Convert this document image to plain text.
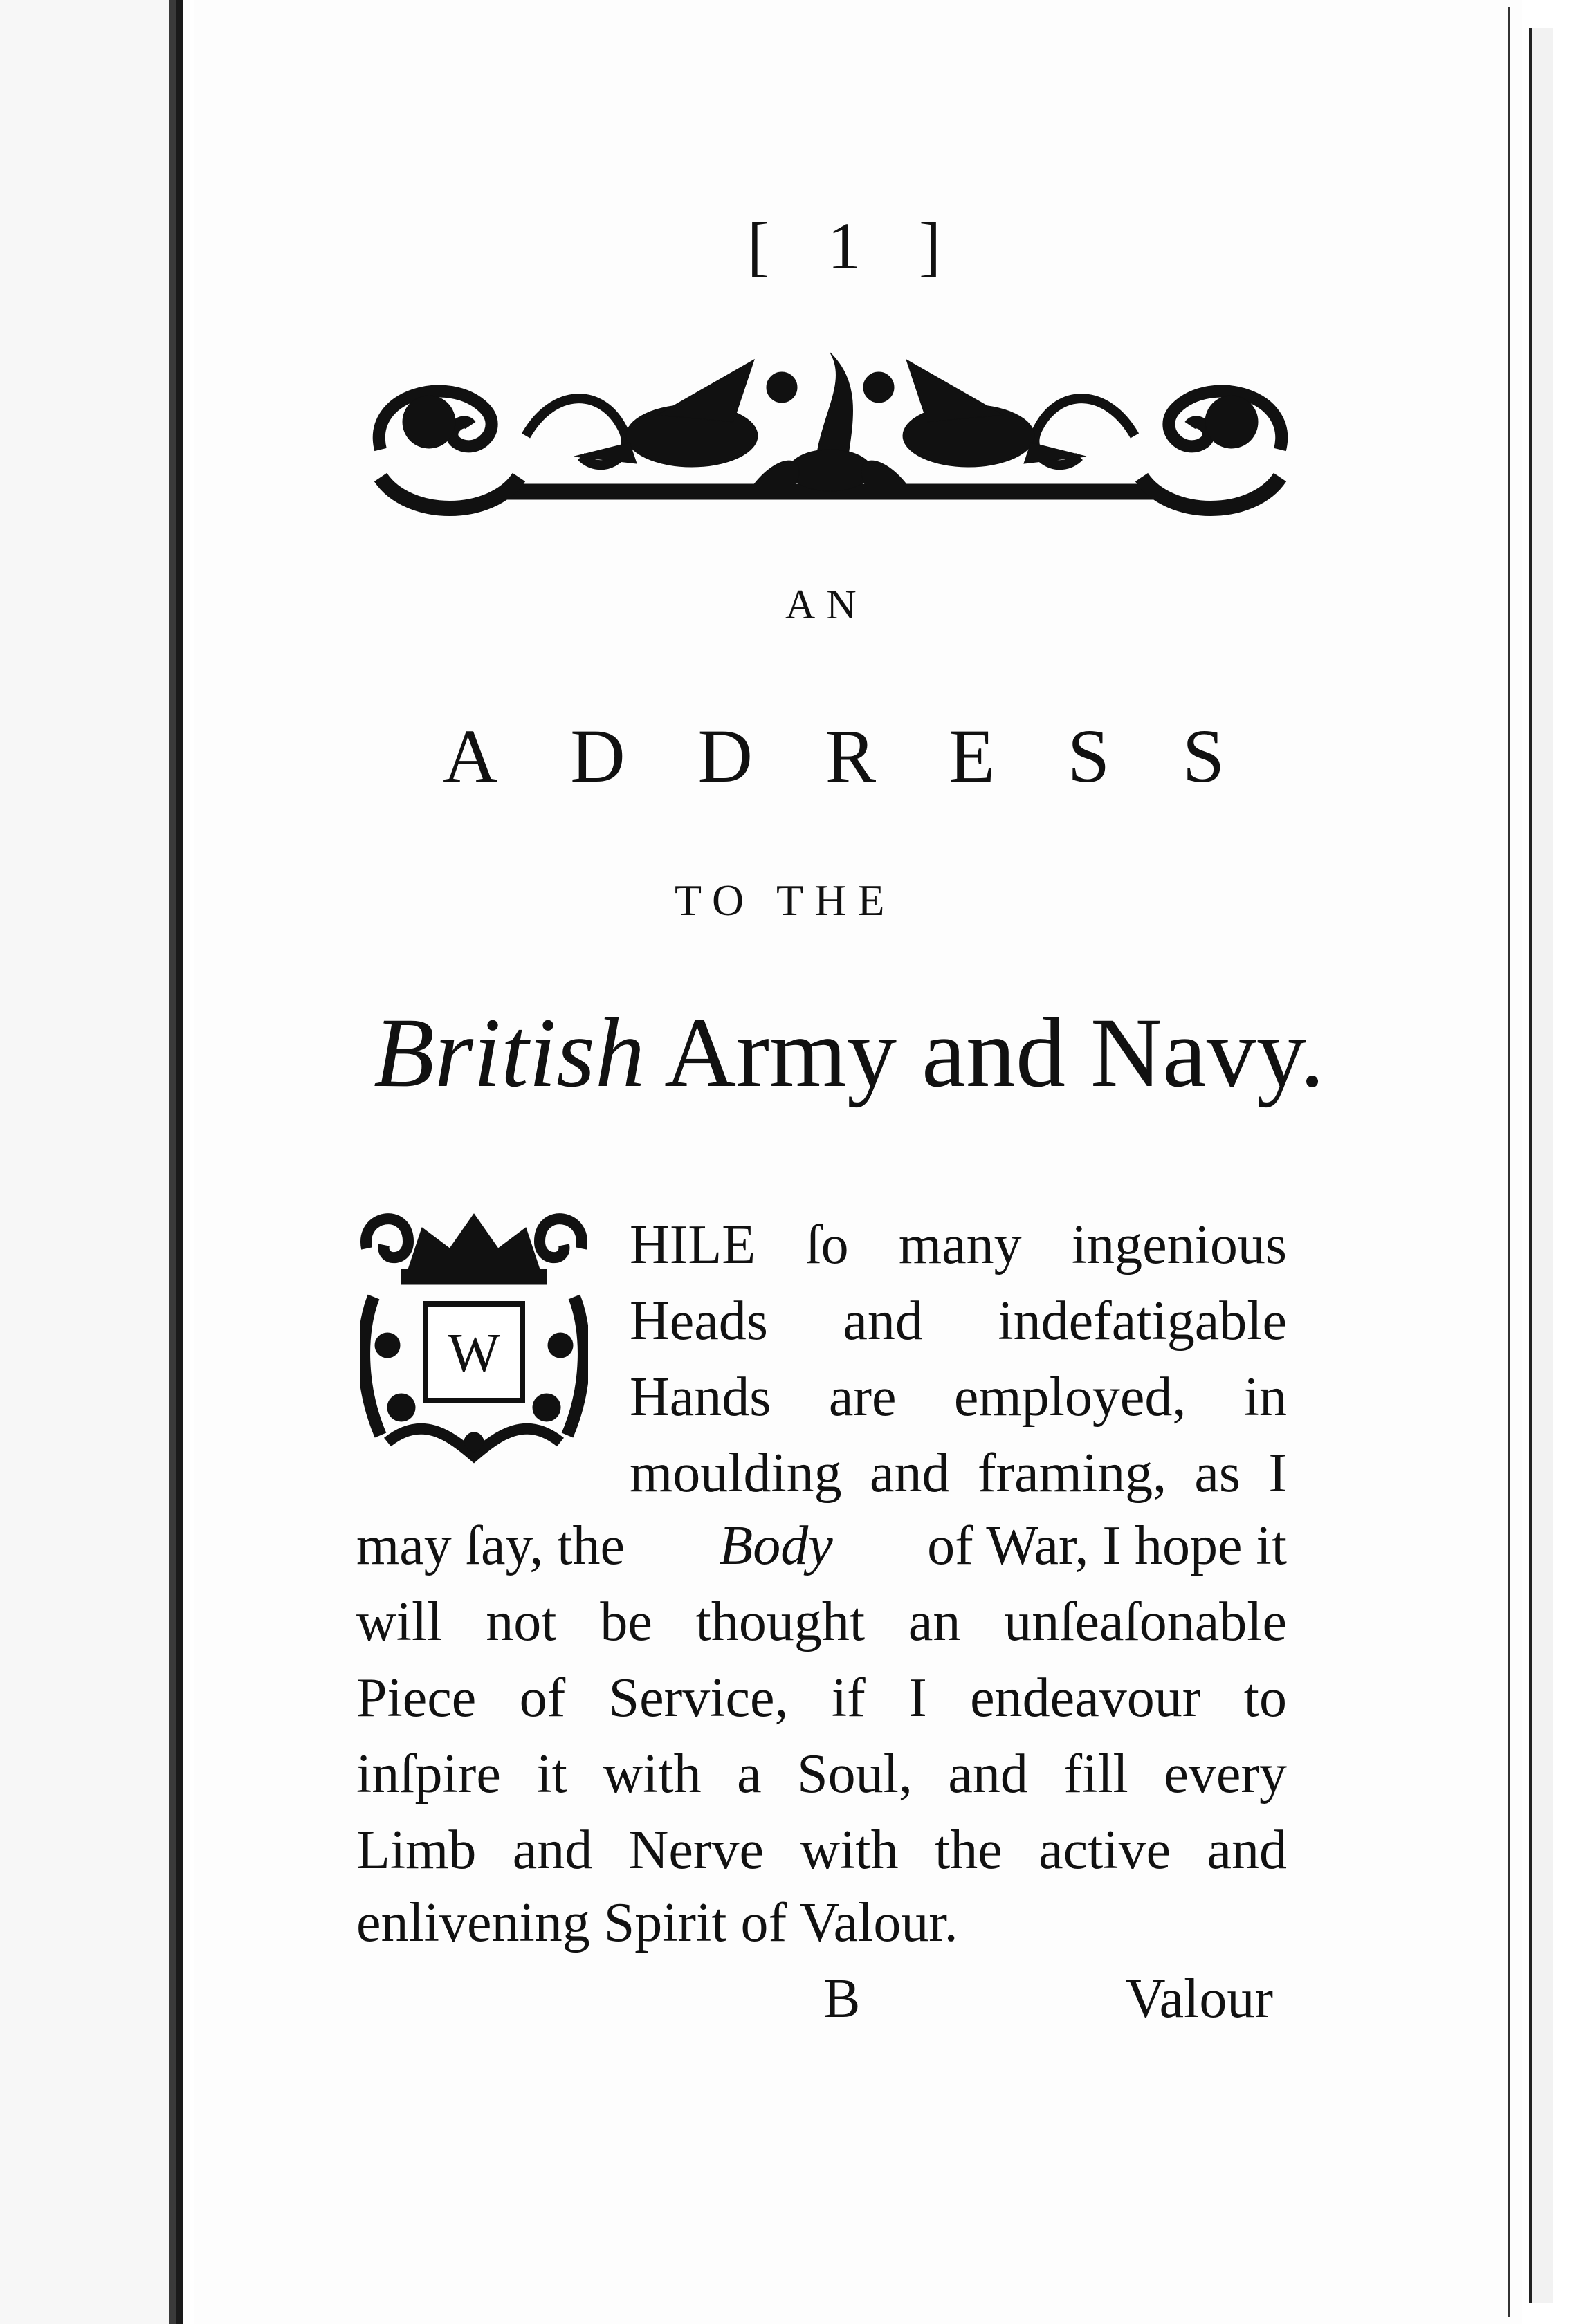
[ 1 ]
AN
A D D R E S S
TO THE
British Army and Navy.
W
HILE ſo many ingenious
Heads and indefatigable
Hands are employed, in
moulding and framing, as I
may ſay, the Body of War, I hope it
will not be thought an unſeaſonable
Piece of Service, if I endeavour to
inſpire it with a Soul, and fill every
Limb and Nerve with the active and
enlivening Spirit of Valour.
B	Valour
